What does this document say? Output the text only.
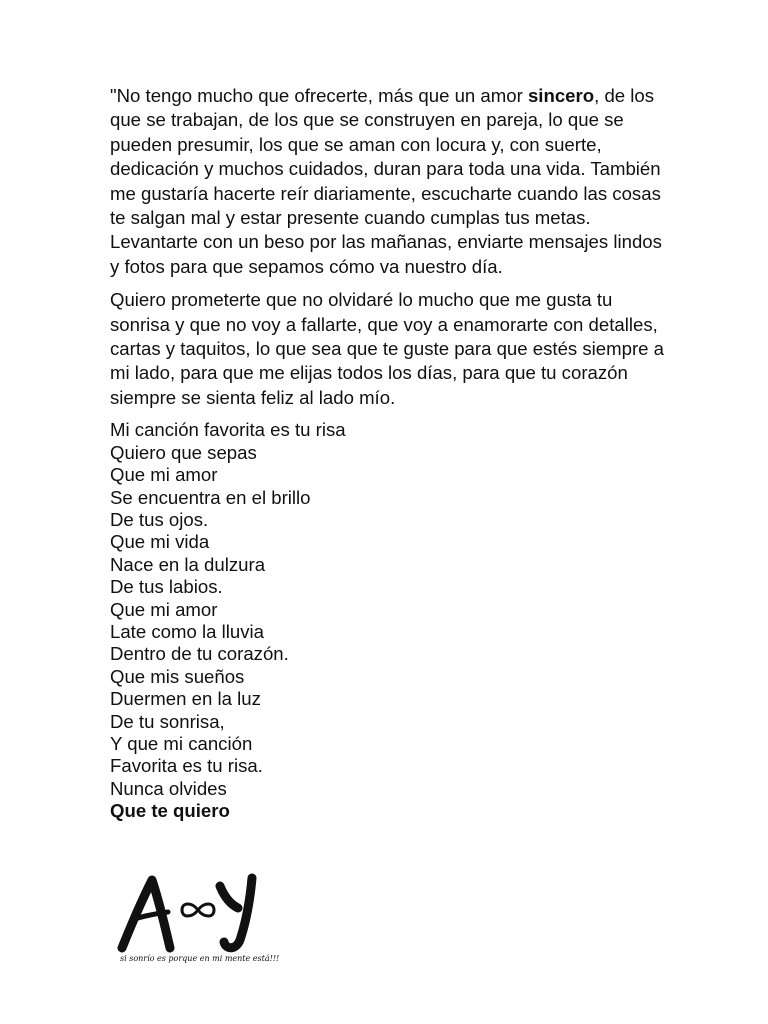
"No tengo mucho que ofrecerte, más que un amor sincero, de los que se trabajan, de los que se construyen en pareja, lo que se pueden presumir, los que se aman con locura y, con suerte, dedicación y muchos cuidados, duran para toda una vida. También me gustaría hacerte reír diariamente, escucharte cuando las cosas te salgan mal y estar presente cuando cumplas tus metas. Levantarte con un beso por las mañanas, enviarte mensajes lindos y fotos para que sepamos cómo va nuestro día.

Quiero prometerte que no olvidaré lo mucho que me gusta tu sonrisa y que no voy a fallarte, que voy a enamorarte con detalles, cartas y taquitos, lo que sea que te guste para que estés siempre a mi lado, para que me elijas todos los días, para que tu corazón siempre se sienta feliz al lado mío.

Mi canción favorita es tu risa
Quiero que sepas
Que mi amor
Se encuentra en el brillo
De tus ojos.
Que mi vida
Nace en la dulzura
De tus labios.
Que mi amor
Late como la lluvia
Dentro de tu corazón.
Que mis sueños
Duermen en la luz
De tu sonrisa,
Y que mi canción
Favorita es tu risa.
Nunca olvides
Que te quiero
si sonrío es porque en mi mente está!!!
